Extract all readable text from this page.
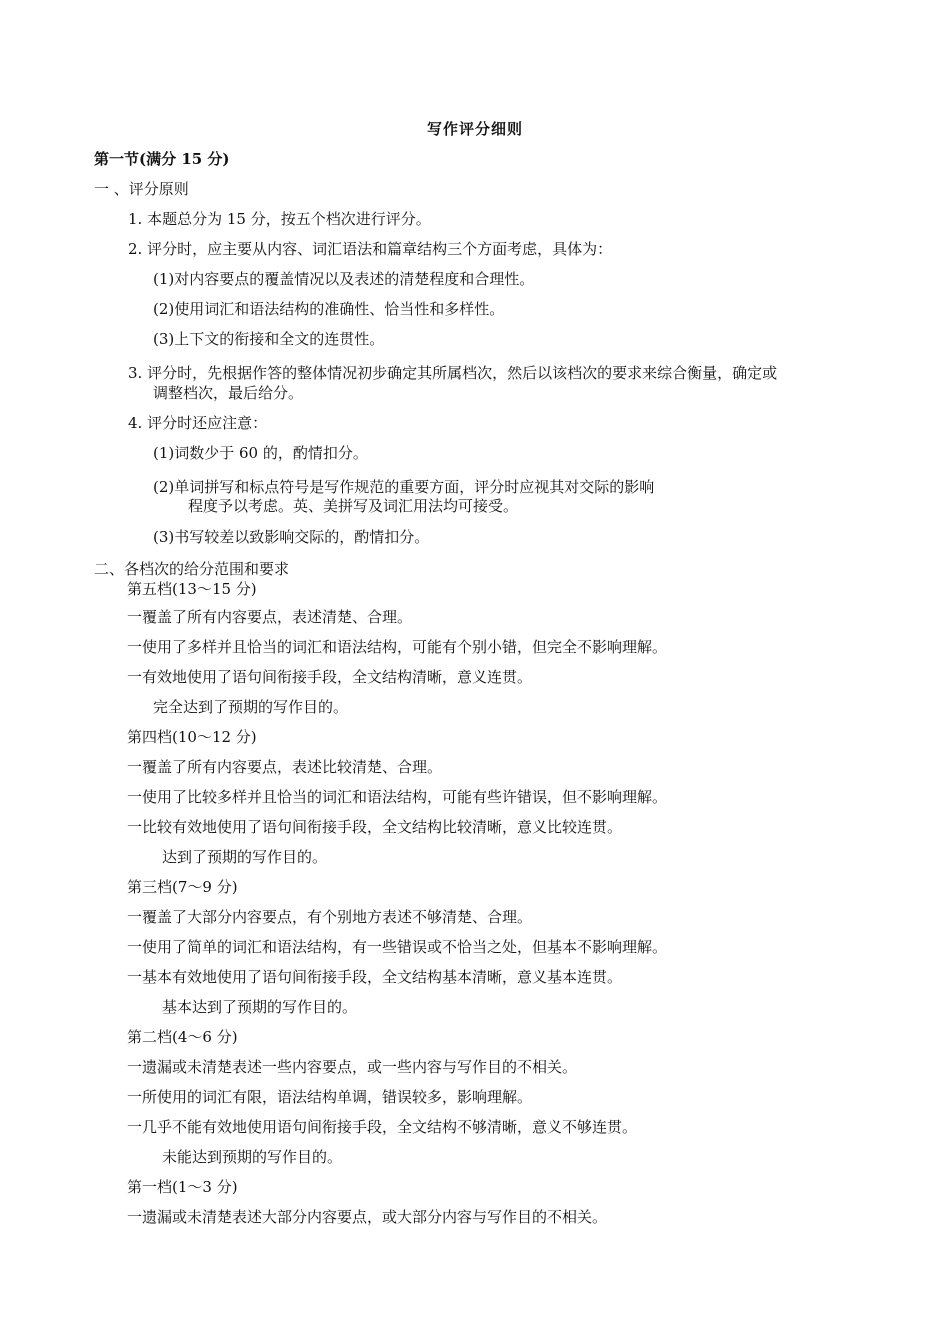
写作评分细则
第一节(满分 15 分)
一 、评分原则
1. 本题总分为 15 分，按五个档次进行评分。
2. 评分时，应主要从内容、词汇语法和篇章结构三个方面考虑，具体为：
(1)对内容要点的覆盖情况以及表述的清楚程度和合理性。
(2)使用词汇和语法结构的准确性、恰当性和多样性。
(3)上下文的衔接和全文的连贯性。
3. 评分时，先根据作答的整体情况初步确定其所属档次，然后以该档次的要求来综合衡量，确定或
调整档次，最后给分。
4. 评分时还应注意：
(1)词数少于 60 的，酌情扣分。
(2)单词拼写和标点符号是写作规范的重要方面，评分时应视其对交际的影响
程度予以考虑。英、美拼写及词汇用法均可接受。
(3)书写较差以致影响交际的，酌情扣分。
二、各档次的给分范围和要求
第五档(13～15 分)
一覆盖了所有内容要点，表述清楚、合理。
一使用了多样并且恰当的词汇和语法结构，可能有个别小错，但完全不影响理解。
一有效地使用了语句间衔接手段，全文结构清晰，意义连贯。
完全达到了预期的写作目的。
第四档(10～12 分)
一覆盖了所有内容要点，表述比较清楚、合理。
一使用了比较多样并且恰当的词汇和语法结构，可能有些许错误，但不影响理解。
一比较有效地使用了语句间衔接手段，全文结构比较清晰，意义比较连贯。
达到了预期的写作目的。
第三档(7～9 分)
一覆盖了大部分内容要点，有个别地方表述不够清楚、合理。
一使用了简单的词汇和语法结构，有一些错误或不恰当之处，但基本不影响理解。
一基本有效地使用了语句间衔接手段，全文结构基本清晰，意义基本连贯。
基本达到了预期的写作目的。
第二档(4～6 分)
一遗漏或未清楚表述一些内容要点，或一些内容与写作目的不相关。
一所使用的词汇有限，语法结构单调，错误较多，影响理解。
一几乎不能有效地使用语句间衔接手段，全文结构不够清晰，意义不够连贯。
未能达到预期的写作目的。
第一档(1～3 分)
一遗漏或未清楚表述大部分内容要点，或大部分内容与写作目的不相关。
